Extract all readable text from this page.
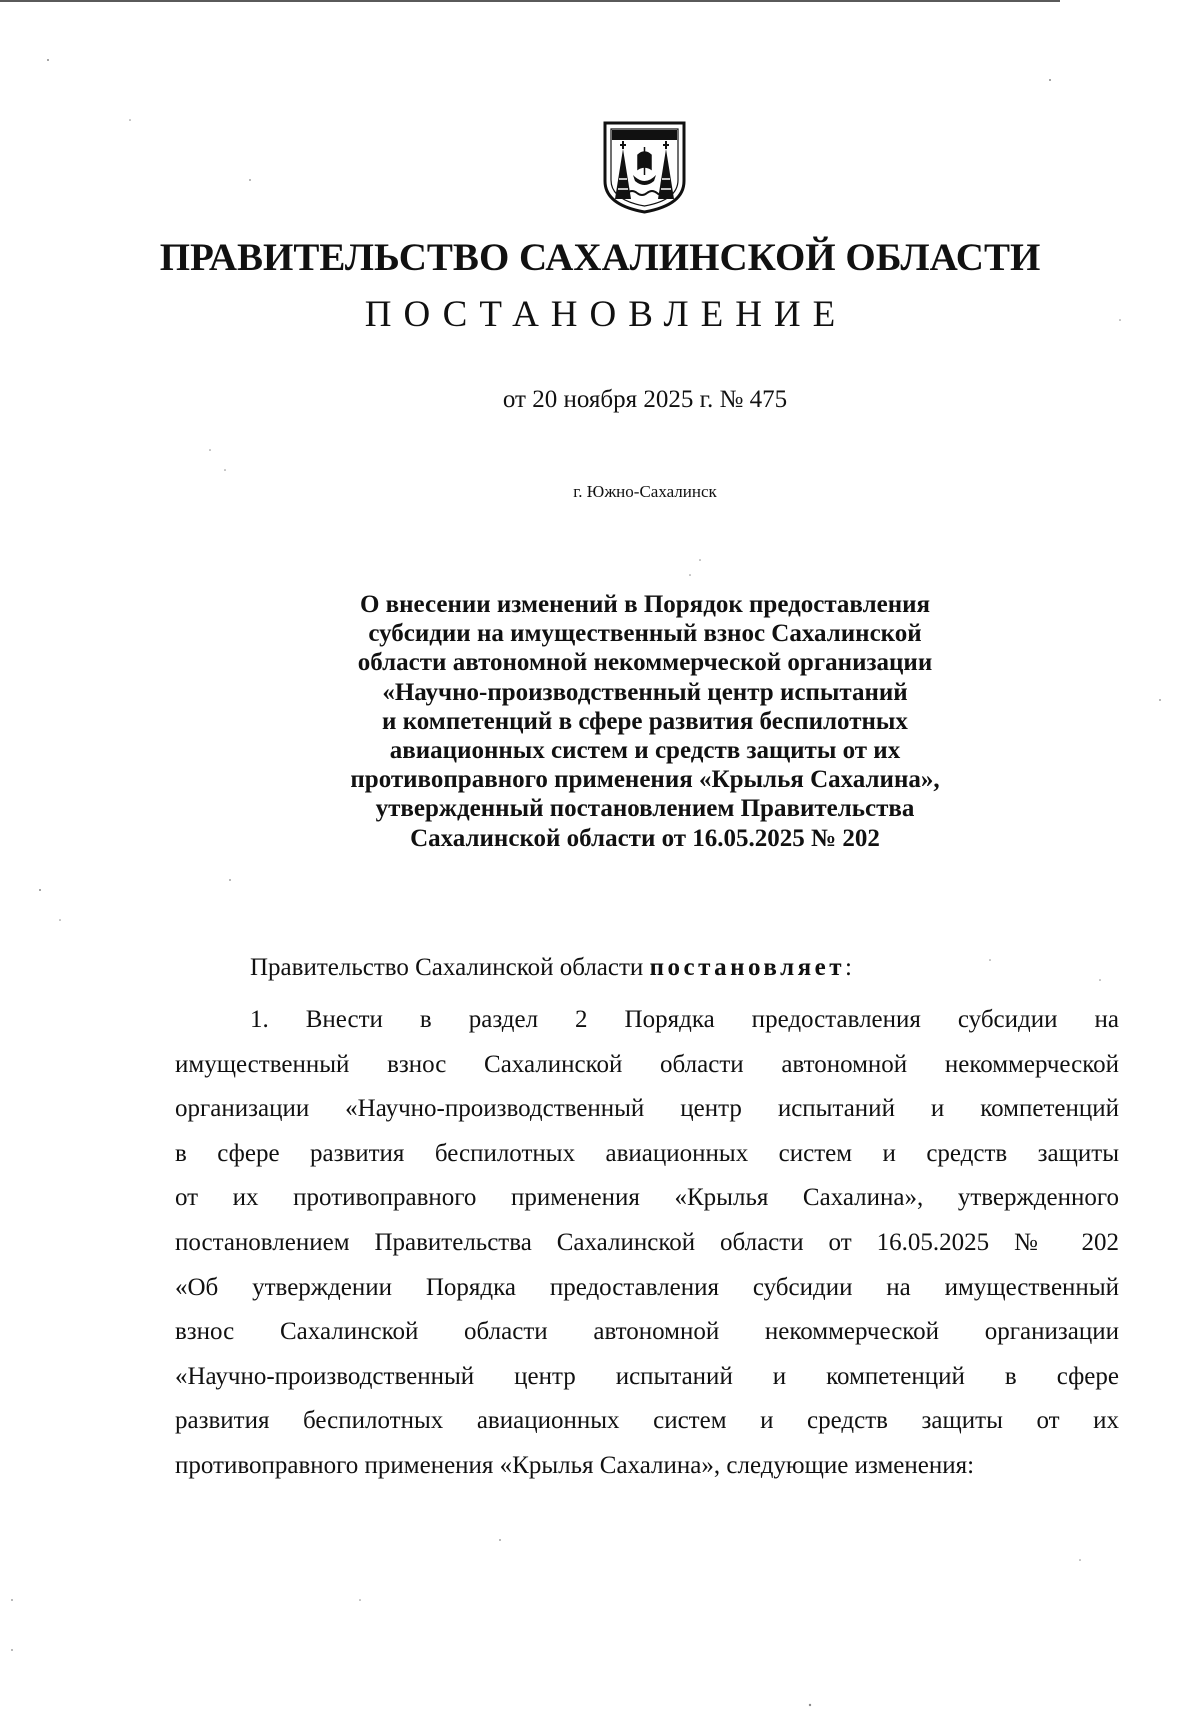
ПРАВИТЕЛЬСТВО САХАЛИНСКОЙ ОБЛАСТИ
ПОСТАНОВЛЕНИЕ
от 20 ноября 2025 г. № 475
г. Южно-Сахалинск
О внесении изменений в Порядок предоставления
субсидии на имущественный взнос Сахалинской
области автономной некоммерческой организации
«Научно-производственный центр испытаний
и компетенций в сфере развития беспилотных
авиационных систем и средств защиты от их
противоправного применения «Крылья Сахалина»,
утвержденный постановлением Правительства
Сахалинской области от 16.05.2025 № 202
Правительство Сахалинской области постановляет:
1. Внести в раздел 2 Порядка предоставления субсидии на
имущественный взнос Сахалинской области автономной некоммерческой
организации «Научно-производственный центр испытаний и компетенций
в сфере развития беспилотных авиационных систем и средств защиты
от их противоправного применения «Крылья Сахалина», утвержденного
постановлением Правительства Сахалинской области от 16.05.2025 № 202
«Об утверждении Порядка предоставления субсидии на имущественный
взнос Сахалинской области автономной некоммерческой организации
«Научно-производственный центр испытаний и компетенций в сфере
развития беспилотных авиационных систем и средств защиты от их
противоправного применения «Крылья Сахалина», следующие изменения:
